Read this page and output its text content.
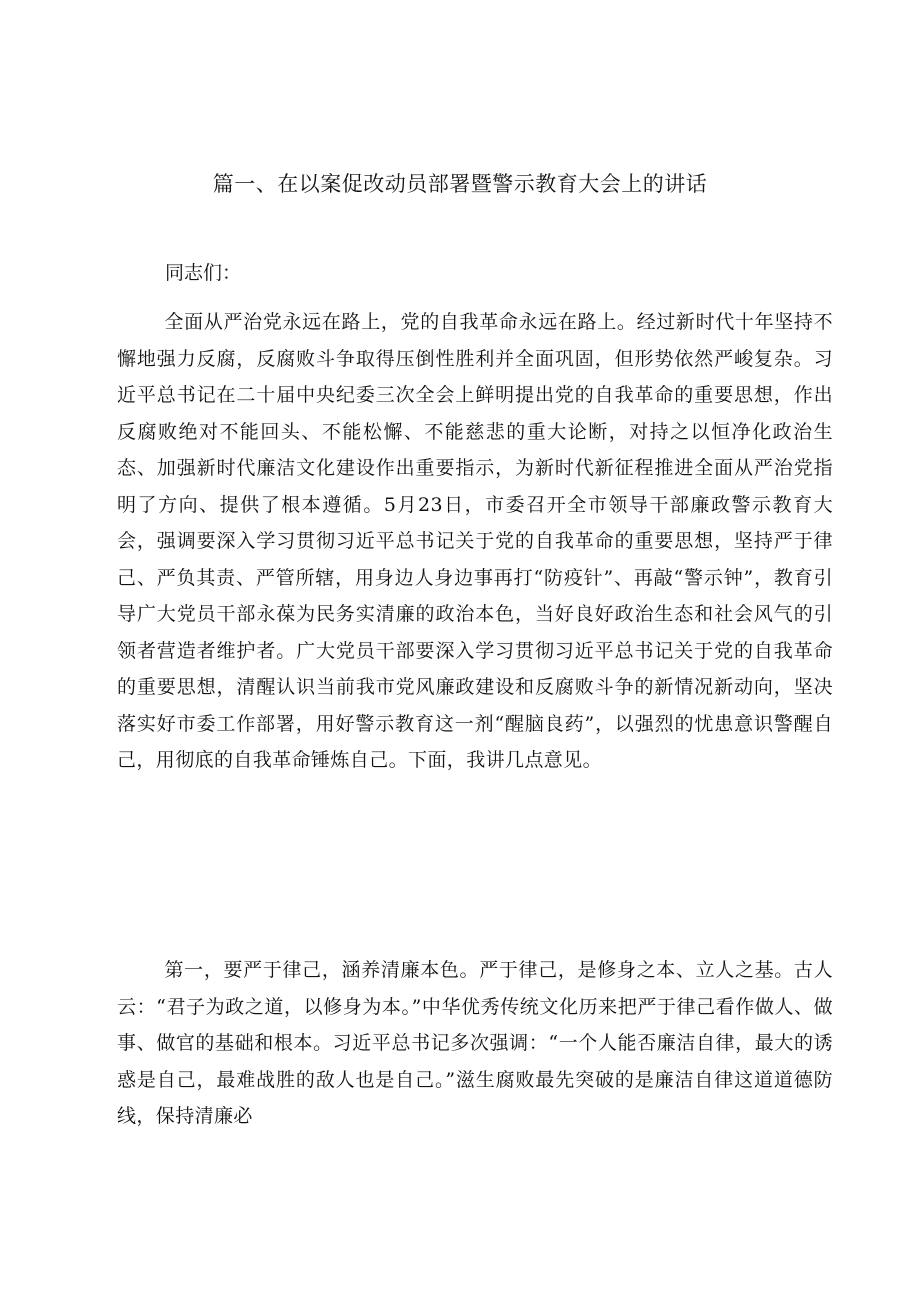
篇一、在以案促改动员部署暨警示教育大会上的讲话

同志们：

全面从严治党永远在路上，党的自我革命永远在路上。经过新时代十年坚持不懈地强力反腐，反腐败斗争取得压倒性胜利并全面巩固，但形势依然严峻复杂。习近平总书记在二十届中央纪委三次全会上鲜明提出党的自我革命的重要思想，作出反腐败绝对不能回头、不能松懈、不能慈悲的重大论断，对持之以恒净化政治生态、加强新时代廉洁文化建设作出重要指示，为新时代新征程推进全面从严治党指明了方向、提供了根本遵循。5月23日，市委召开全市领导干部廉政警示教育大会，强调要深入学习贯彻习近平总书记关于党的自我革命的重要思想，坚持严于律己、严负其责、严管所辖，用身边人身边事再打“防疫针”、再敲“警示钟”，教育引导广大党员干部永葆为民务实清廉的政治本色，当好良好政治生态和社会风气的引领者营造者维护者。广大党员干部要深入学习贯彻习近平总书记关于党的自我革命的重要思想，清醒认识当前我市党风廉政建设和反腐败斗争的新情况新动向，坚决落实好市委工作部署，用好警示教育这一剂“醒脑良药”，以强烈的忧患意识警醒自己，用彻底的自我革命锤炼自己。下面，我讲几点意见。

第一，要严于律己，涵养清廉本色。严于律己，是修身之本、立人之基。古人云：“君子为政之道，以修身为本。”中华优秀传统文化历来把严于律己看作做人、做事、做官的基础和根本。习近平总书记多次强调：“一个人能否廉洁自律，最大的诱惑是自己，最难战胜的敌人也是自己。”滋生腐败最先突破的是廉洁自律这道道德防线，保持清廉必
